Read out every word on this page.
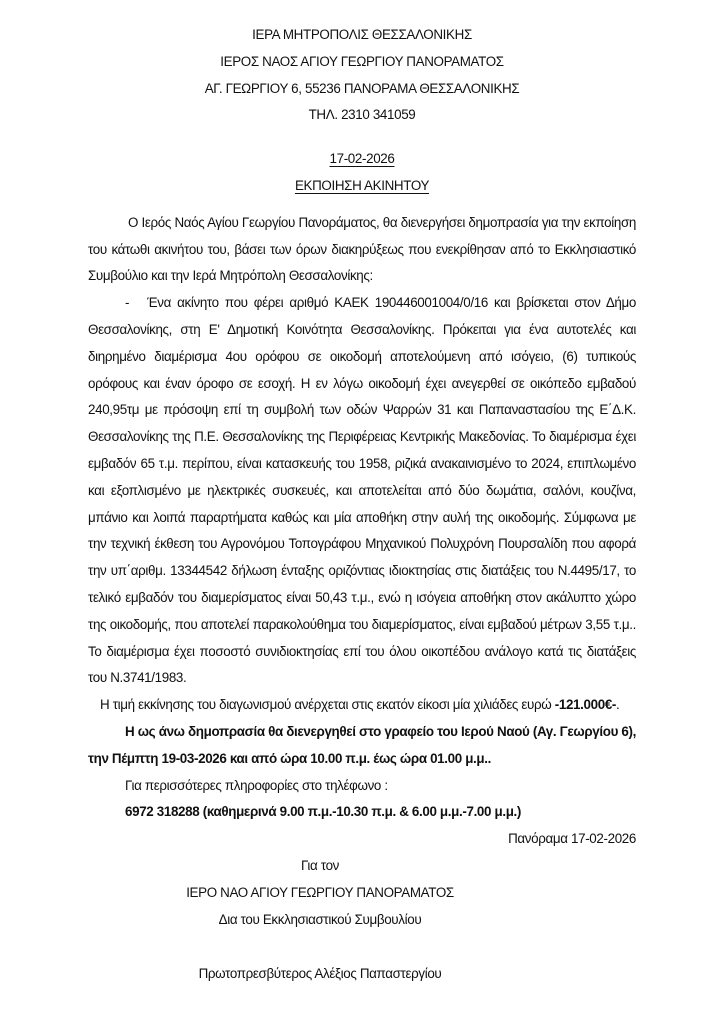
ΙΕΡΑ ΜΗΤΡΟΠΟΛΙΣ ΘΕΣΣΑΛΟΝΙΚΗΣ
ΙΕΡΟΣ ΝΑΟΣ ΑΓΙΟΥ ΓΕΩΡΓΙΟΥ ΠΑΝΟΡΑΜΑΤΟΣ
ΑΓ. ΓΕΩΡΓΙΟΥ 6, 55236 ΠΑΝΟΡΑΜΑ ΘΕΣΣΑΛΟΝΙΚΗΣ
ΤΗΛ. 2310 341059
17-02-2026
ΕΚΠΟΙΗΣΗ ΑΚΙΝΗΤΟΥ

Ο Ιερός Ναός Αγίου Γεωργίου Πανοράματος, θα διενεργήσει δημοπρασία για την εκποίηση του κάτωθι ακινήτου του, βάσει των όρων διακηρύξεως που ενεκρίθησαν από το Εκκλησιαστικό Συμβούλιο και την Ιερά Μητρόπολη Θεσσαλονίκης:

- Ένα ακίνητο που φέρει αριθμό ΚΑΕΚ 190446001004/0/16 και βρίσκεται στον Δήμο Θεσσαλονίκης, στη Ε' Δημοτική Κοινότητα Θεσσαλονίκης. Πρόκειται για ένα αυτοτελές και διηρημένο διαμέρισμα 4ου ορόφου σε οικοδομή αποτελούμενη από ισόγειο, (6) τυπικούς ορόφους και έναν όροφο σε εσοχή. Η εν λόγω οικοδομή έχει ανεγερθεί σε οικόπεδο εμβαδού 240,95τμ με πρόσοψη επί τη συμβολή των οδών Ψαρρών 31 και Παπαναστασίου της Ε΄Δ.Κ. Θεσσαλονίκης της Π.Ε. Θεσσαλονίκης της Περιφέρειας Κεντρικής Μακεδονίας. Το διαμέρισμα έχει εμβαδόν 65 τ.μ. περίπου, είναι κατασκευής του 1958, ριζικά ανακαινισμένο το 2024, επιπλωμένο και εξοπλισμένο με ηλεκτρικές συσκευές, και αποτελείται από δύο δωμάτια, σαλόνι, κουζίνα, μπάνιο και λοιπά παραρτήματα καθώς και μία αποθήκη στην αυλή της οικοδομής. Σύμφωνα με την τεχνική έκθεση του Αγρονόμου Τοπογράφου Μηχανικού Πολυχρόνη Πουρσαλίδη που αφορά την υπ΄αριθμ. 13344542 δήλωση ένταξης οριζόντιας ιδιοκτησίας στις διατάξεις του Ν.4495/17, το τελικό εμβαδόν του διαμερίσματος είναι 50,43 τ.μ., ενώ η ισόγεια αποθήκη στον ακάλυπτο χώρο της οικοδομής, που αποτελεί παρακολούθημα του διαμερίσματος, είναι εμβαδού μέτρων 3,55 τ.μ.. Το διαμέρισμα έχει ποσοστό συνιδιοκτησίας επί του όλου οικοπέδου ανάλογο κατά τις διατάξεις του Ν.3741/1983.

Η τιμή εκκίνησης του διαγωνισμού ανέρχεται στις εκατόν είκοσι μία χιλιάδες ευρώ -121.000€-.

Η ως άνω δημοπρασία θα διενεργηθεί στο γραφείο του Ιερού Ναού (Αγ. Γεωργίου 6), την Πέμπτη 19-03-2026 και από ώρα 10.00 π.μ. έως ώρα 01.00 μ.μ..

Για περισσότερες πληροφορίες στο τηλέφωνο :

6972 318288 (καθημερινά 9.00 π.μ.-10.30 π.μ. & 6.00 μ.μ.-7.00 μ.μ.)

Πανόραμα 17-02-2026

Για τον
ΙΕΡΟ ΝΑΟ ΑΓΙΟΥ ΓΕΩΡΓΙΟΥ ΠΑΝΟΡΑΜΑΤΟΣ
Δια του Εκκλησιαστικού Συμβουλίου
Πρωτοπρεσβύτερος Αλέξιος Παπαστεργίου
